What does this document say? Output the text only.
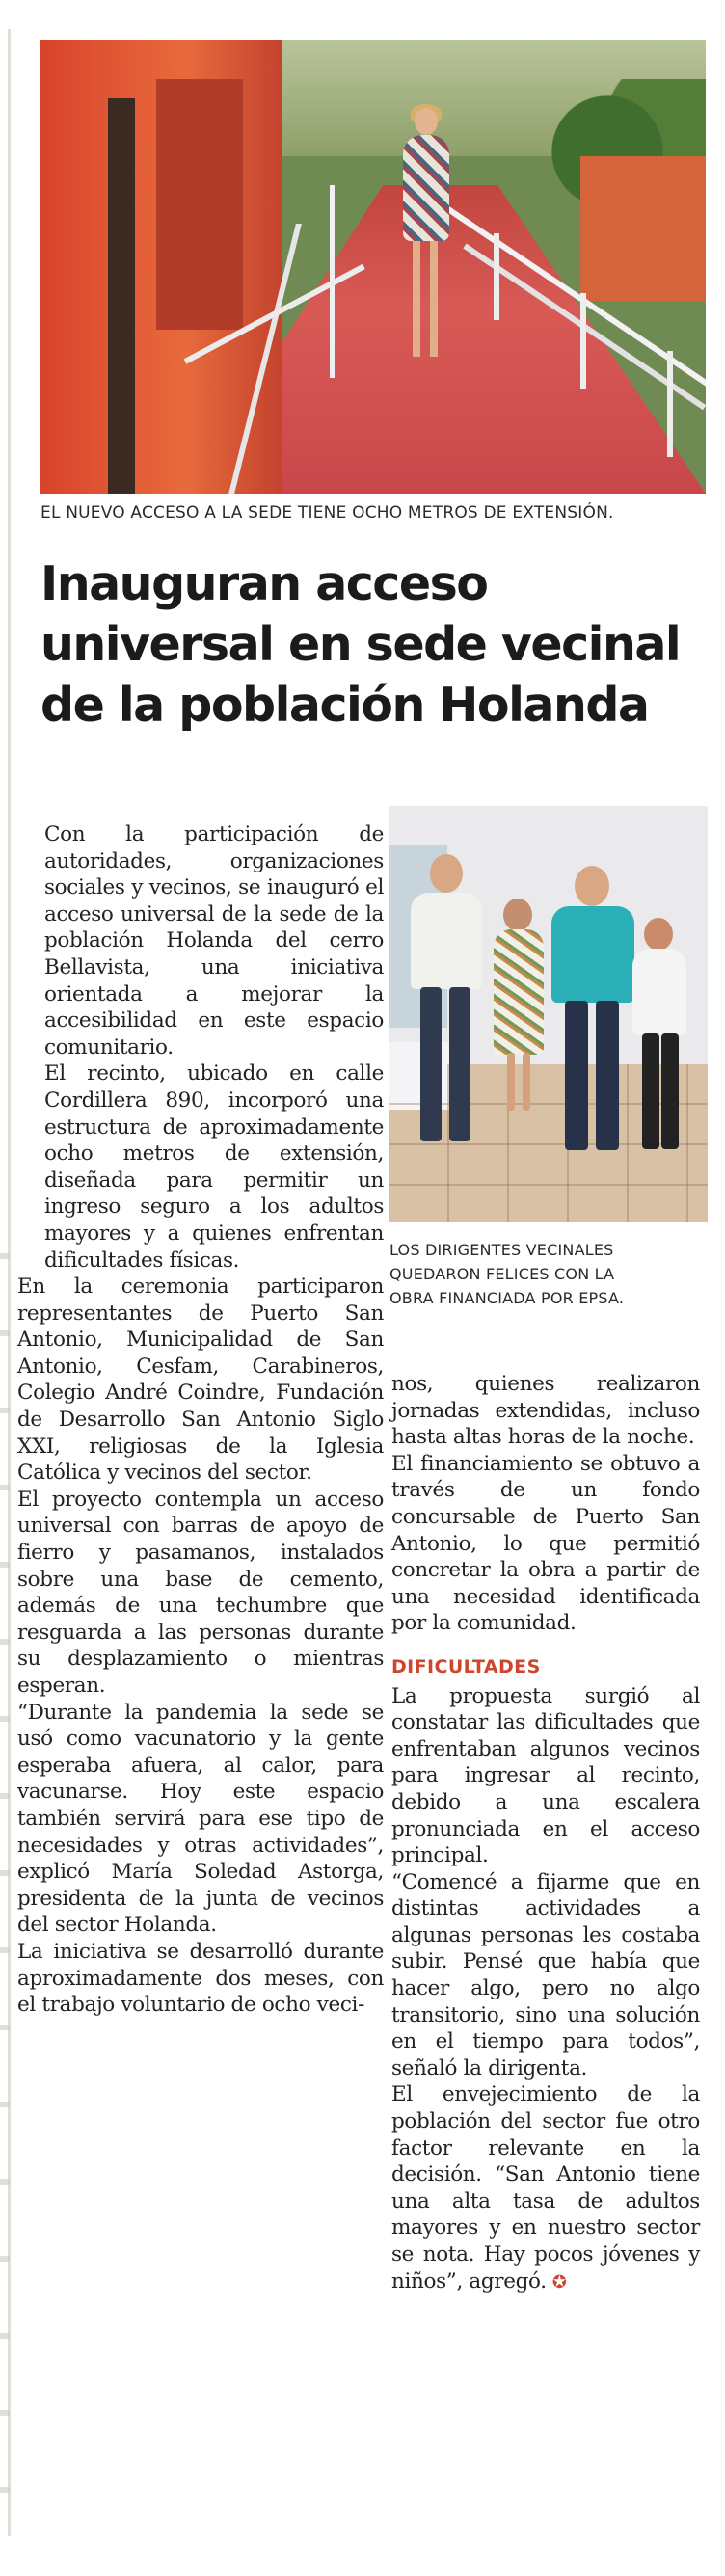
EL NUEVO ACCESO A LA SEDE TIENE OCHO METROS DE EXTENSIÓN.
Inauguran acceso
universal en sede vecinal
de la población Holanda

Con la participación de autoridades, organizaciones sociales y vecinos, se inauguró el acceso universal de la sede de la población Holanda del cerro Bellavista, una iniciativa orientada a mejorar la accesibilidad en este espacio comunitario.

El recinto, ubicado en calle Cordillera 890, incorporó una estructura de aproximadamente ocho metros de extensión, diseñada para permitir un ingreso seguro a los adultos mayores y a quienes enfrentan dificultades físicas.

En la ceremonia participaron representantes de Puerto San Antonio, Municipalidad de San Antonio, Cesfam, Carabineros, Colegio André Coindre, Fundación de Desarrollo San Antonio Siglo XXI, religiosas de la Iglesia Católica y vecinos del sector.

El proyecto contempla un acceso universal con barras de apoyo de fierro y pasamanos, instalados sobre una base de cemento, además de una techumbre que resguarda a las personas durante su desplazamiento o mientras esperan.

“Durante la pandemia la sede se usó como vacunatorio y la gente esperaba afuera, al calor, para vacunarse. Hoy este espacio también servirá para ese tipo de necesidades y otras actividades”, explicó María Soledad Astorga, presidenta de la junta de vecinos del sector Holanda.

La iniciativa se desarrolló durante aproximadamente dos meses, con el trabajo voluntario de ocho veci-

LOS DIRIGENTES VECINALES
QUEDARON FELICES CON LA
OBRA FINANCIADA POR EPSA.

nos, quienes realizaron jornadas extendidas, incluso hasta altas horas de la noche.

El financiamiento se obtuvo a través de un fondo concursable de Puerto San Antonio, lo que permitió concretar la obra a partir de una necesidad identificada por la comunidad.

DIFICULTADES

La propuesta surgió al constatar las dificultades que enfrentaban algunos vecinos para ingresar al recinto, debido a una escalera pronunciada en el acceso principal.

“Comencé a fijarme que en distintas actividades a algunas personas les costaba subir. Pensé que había que hacer algo, pero no algo transitorio, sino una solución en el tiempo para todos”, señaló la dirigenta.

El envejecimiento de la población del sector fue otro factor relevante en la decisión. “San Antonio tiene una alta tasa de adultos mayores y en nuestro sector se nota. Hay pocos jóvenes y niños”, agregó. ✪
